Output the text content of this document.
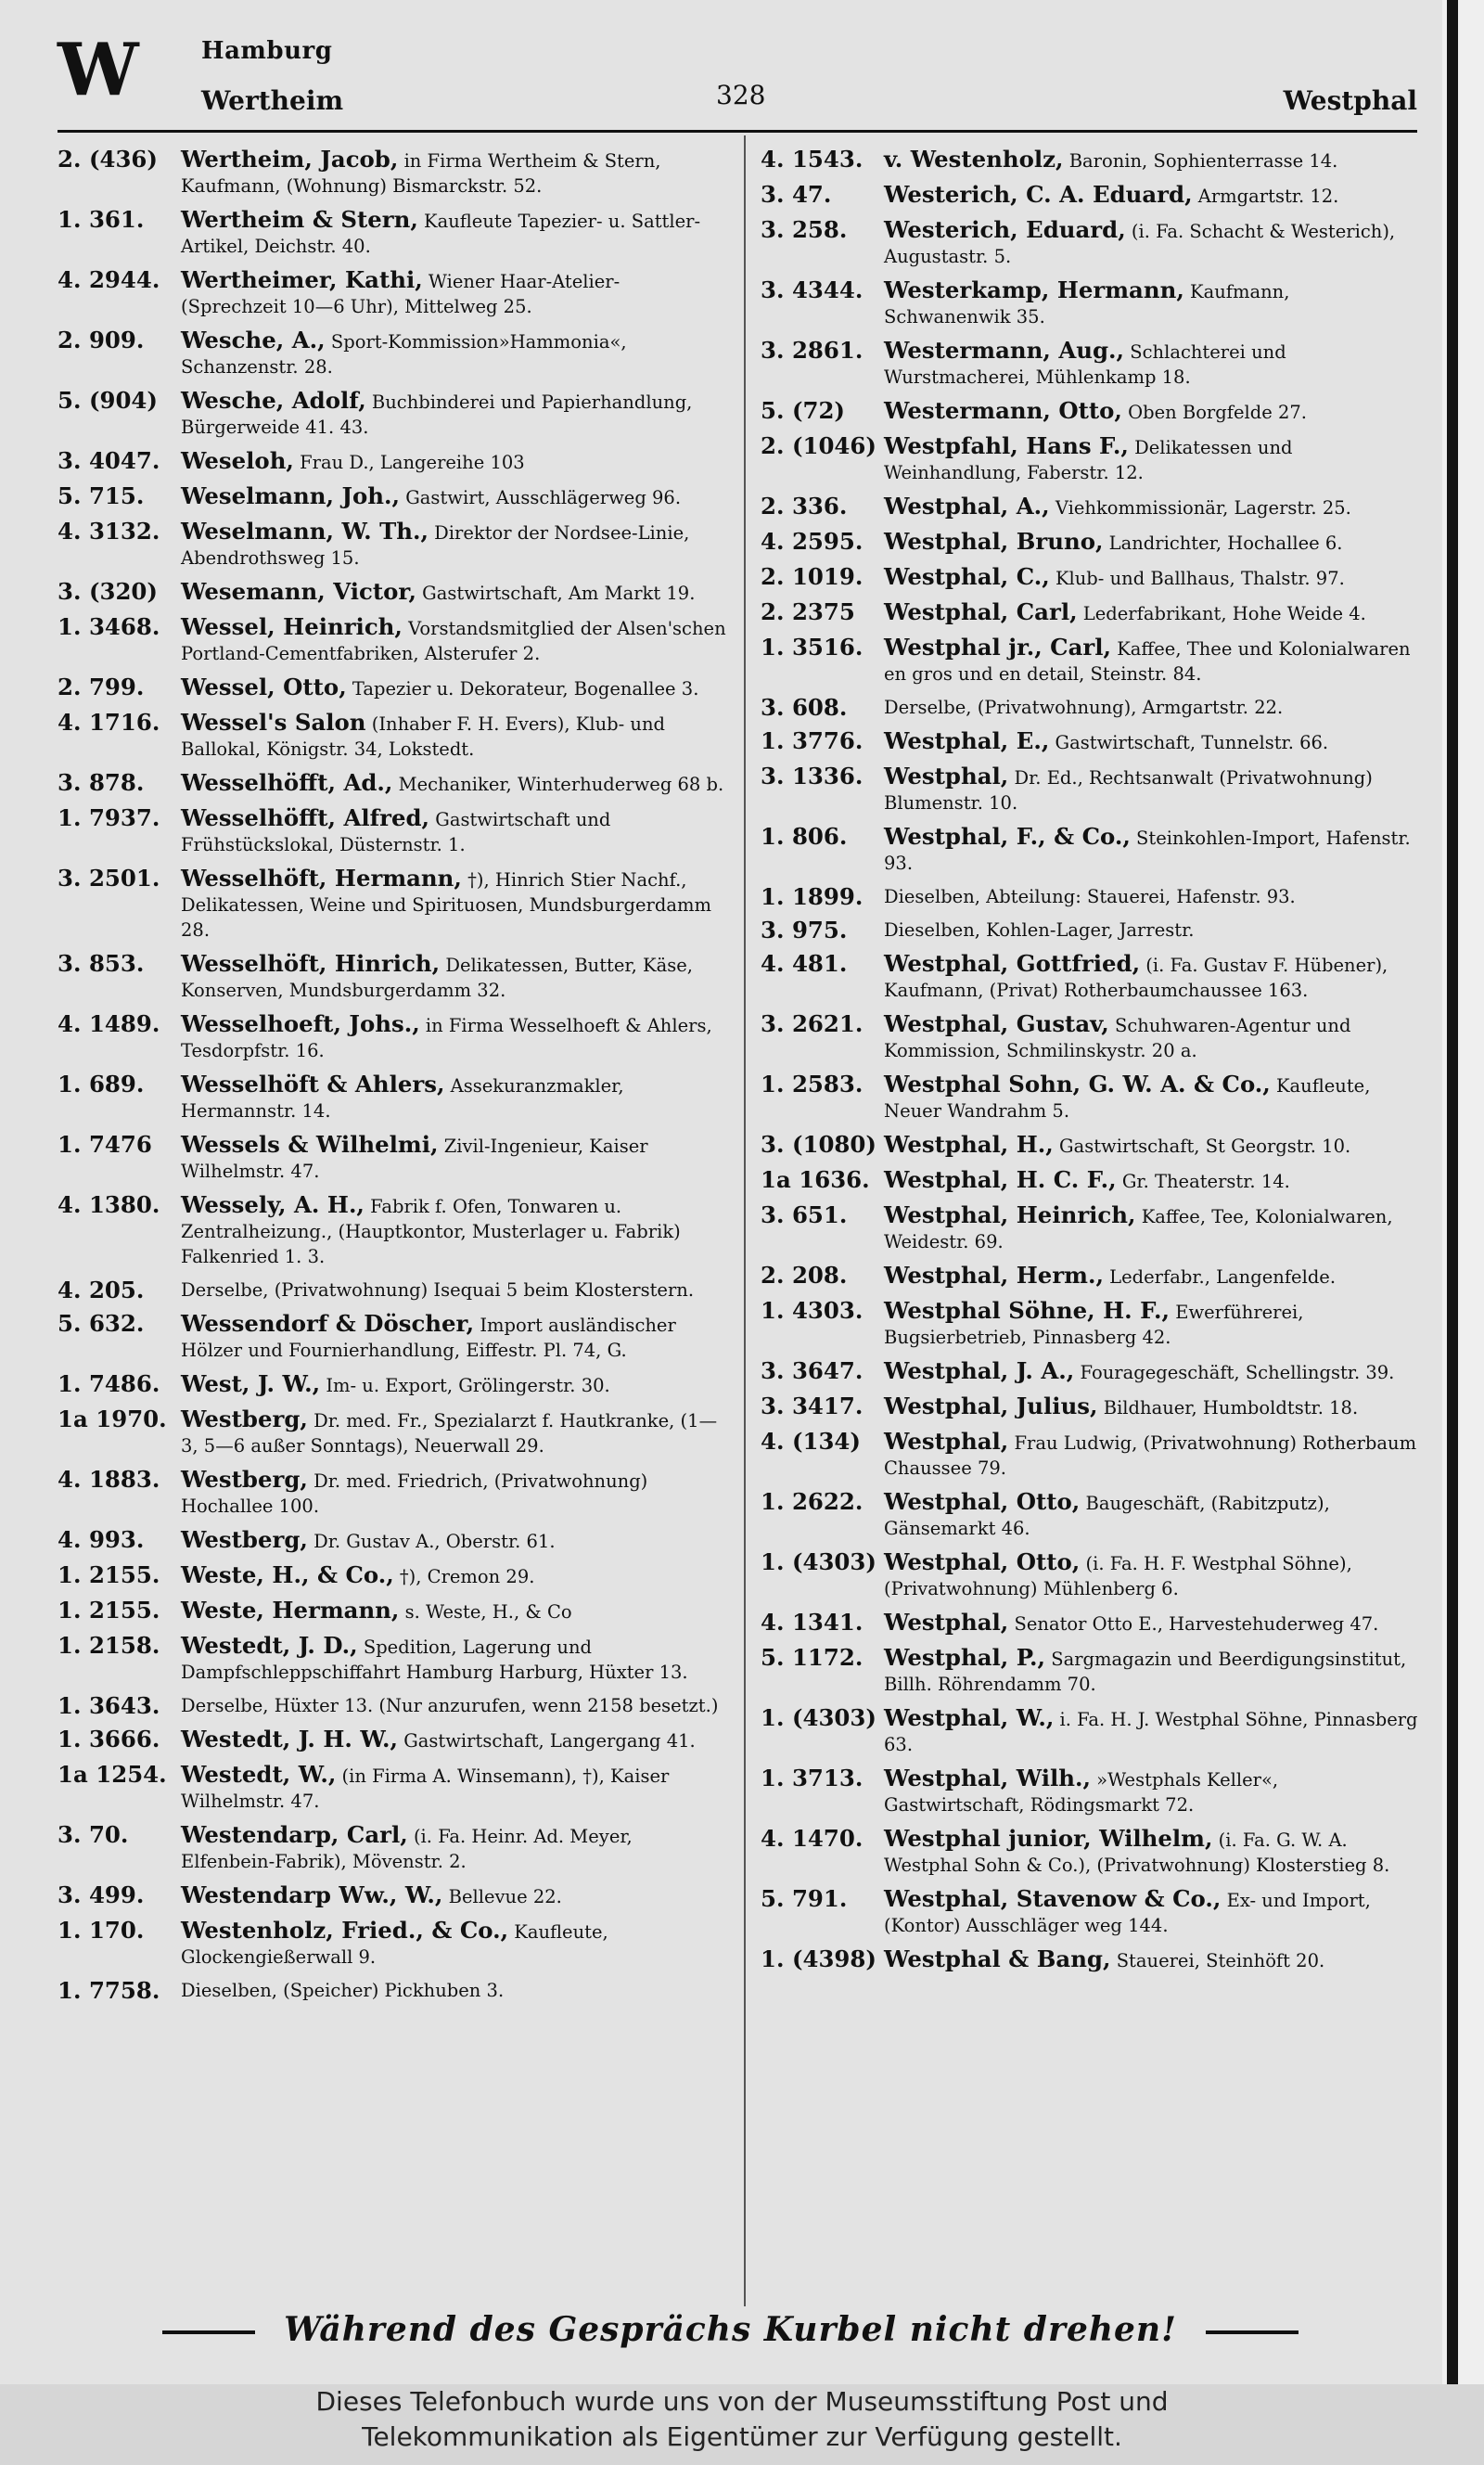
W	Hamburg
Wertheim	328	Westphal
2. (436) Wertheim, Jacob, in Firma Wertheim & Stern, Kaufmann, (Wohnung) Bismarckstr. 52.
1. 361. Wertheim & Stern, Kaufleute Tapezier- u. Sattler-Artikel, Deichstr. 40.
4. 2944. Wertheimer, Kathi, Wiener Haar-Atelier- (Sprechzeit 10—6 Uhr), Mittelweg 25.
2. 909. Wesche, A., Sport-Kommission»Hammonia«, Schanzenstr. 28.
5. (904) Wesche, Adolf, Buchbinderei und Papierhandlung, Bürgerweide 41. 43.
3. 4047. Weseloh, Frau D., Langereihe 103
5. 715. Weselmann, Joh., Gastwirt, Ausschlägerweg 96.
4. 3132. Weselmann, W. Th., Direktor der Nordsee-Linie, Abendrothsweg 15.
3. (320) Wesemann, Victor, Gastwirtschaft, Am Markt 19.
1. 3468. Wessel, Heinrich, Vorstandsmitglied der Alsen'schen Portland-Cementfabriken, Alsterufer 2.
2. 799. Wessel, Otto, Tapezier u. Dekorateur, Bogenallee 3.
4. 1716. Wessel's Salon (Inhaber F. H. Evers), Klub- und Ballokal, Königstr. 34, Lokstedt.
3. 878. Wesselhöfft, Ad., Mechaniker, Winterhuderweg 68 b.
1. 7937. Wesselhöfft, Alfred, Gastwirtschaft und Frühstückslokal, Düsternstr. 1.
3. 2501. Wesselhöft, Hermann, †), Hinrich Stier Nachf., Delikatessen, Weine und Spirituosen, Mundsburgerdamm 28.
3. 853. Wesselhöft, Hinrich, Delikatessen, Butter, Käse, Konserven, Mundsburgerdamm 32.
4. 1489. Wesselhoeft, Johs., in Firma Wesselhoeft & Ahlers, Tesdorpfstr. 16.
1. 689. Wesselhöft & Ahlers, Assekuranzmakler, Hermannstr. 14.
1. 7476 Wessels & Wilhelmi, Zivil-Ingenieur, Kaiser Wilhelmstr. 47.
4. 1380. Wessely, A. H., Fabrik f. Ofen, Tonwaren u. Zentralheizung., (Hauptkontor, Musterlager u. Fabrik) Falkenried 1. 3.
4. 205. Derselbe, (Privatwohnung) Isequai 5 beim Klosterstern.
5. 632. Wessendorf & Döscher, Import ausländischer Hölzer und Fournierhandlung, Eiffestr. Pl. 74, G.
1. 7486. West, J. W., Im- u. Export, Grölingerstr. 30.
1a 1970. Westberg, Dr. med. Fr., Spezialarzt f. Hautkranke, (1—3, 5—6 außer Sonntags), Neuerwall 29.
4. 1883. Westberg, Dr. med. Friedrich, (Privatwohnung) Hochallee 100.
4. 993. Westberg, Dr. Gustav A., Oberstr. 61.
1. 2155. Weste, H., & Co., †), Cremon 29.
1. 2155. Weste, Hermann, s. Weste, H., & Co
1. 2158. Westedt, J. D., Spedition, Lagerung und Dampfschleppschiffahrt Hamburg Harburg, Hüxter 13.
1. 3643. Derselbe, Hüxter 13. (Nur anzurufen, wenn 2158 besetzt.)
1. 3666. Westedt, J. H. W., Gastwirtschaft, Langergang 41.
1a 1254. Westedt, W., (in Firma A. Winsemann), †), Kaiser Wilhelmstr. 47.
3. 70. Westendarp, Carl, (i. Fa. Heinr. Ad. Meyer, Elfenbein-Fabrik), Mövenstr. 2.
3. 499. Westendarp Ww., W., Bellevue 22.
1. 170. Westenholz, Fried., & Co., Kaufleute, Glockengießerwall 9.
1. 7758. Dieselben, (Speicher) Pickhuben 3.
4. 1543. v. Westenholz, Baronin, Sophienterrasse 14.
3. 47. Westerich, C. A. Eduard, Armgartstr. 12.
3. 258. Westerich, Eduard, (i. Fa. Schacht & Westerich), Augustastr. 5.
3. 4344. Westerkamp, Hermann, Kaufmann, Schwanenwik 35.
3. 2861. Westermann, Aug., Schlachterei und Wurstmacherei, Mühlenkamp 18.
5. (72) Westermann, Otto, Oben Borgfelde 27.
2. (1046) Westpfahl, Hans F., Delikatessen und Weinhandlung, Faberstr. 12.
2. 336. Westphal, A., Viehkommissionär, Lagerstr. 25.
4. 2595. Westphal, Bruno, Landrichter, Hochallee 6.
2. 1019. Westphal, C., Klub- und Ballhaus, Thalstr. 97.
2. 2375 Westphal, Carl, Lederfabrikant, Hohe Weide 4.
1. 3516. Westphal jr., Carl, Kaffee, Thee und Kolonialwaren en gros und en detail, Steinstr. 84.
3. 608. Derselbe, (Privatwohnung), Armgartstr. 22.
1. 3776. Westphal, E., Gastwirtschaft, Tunnelstr. 66.
3. 1336. Westphal, Dr. Ed., Rechtsanwalt (Privatwohnung) Blumenstr. 10.
1. 806. Westphal, F., & Co., Steinkohlen-Import, Hafenstr. 93.
1. 1899. Dieselben, Abteilung: Stauerei, Hafenstr. 93.
3. 975. Dieselben, Kohlen-Lager, Jarrestr.
4. 481. Westphal, Gottfried, (i. Fa. Gustav F. Hübener), Kaufmann, (Privat) Rotherbaumchaussee 163.
3. 2621. Westphal, Gustav, Schuhwaren-Agentur und Kommission, Schmilinskystr. 20 a.
1. 2583. Westphal Sohn, G. W. A. & Co., Kaufleute, Neuer Wandrahm 5.
3. (1080) Westphal, H., Gastwirtschaft, St Georgstr. 10.
1a 1636. Westphal, H. C. F., Gr. Theaterstr. 14.
3. 651. Westphal, Heinrich, Kaffee, Tee, Kolonialwaren, Weidestr. 69.
2. 208. Westphal, Herm., Lederfabr., Langenfelde.
1. 4303. Westphal Söhne, H. F., Ewerführerei, Bugsierbetrieb, Pinnasberg 42.
3. 3647. Westphal, J. A., Fouragegeschäft, Schellingstr. 39.
3. 3417. Westphal, Julius, Bildhauer, Humboldtstr. 18.
4. (134) Westphal, Frau Ludwig, (Privatwohnung) Rotherbaum Chaussee 79.
1. 2622. Westphal, Otto, Baugeschäft, (Rabitzputz), Gänsemarkt 46.
1. (4303) Westphal, Otto, (i. Fa. H. F. Westphal Söhne), (Privatwohnung) Mühlenberg 6.
4. 1341. Westphal, Senator Otto E., Harvestehuderweg 47.
5. 1172. Westphal, P., Sargmagazin und Beerdigungsinstitut, Billh. Röhrendamm 70.
1. (4303) Westphal, W., i. Fa. H. J. Westphal Söhne, Pinnasberg 63.
1. 3713. Westphal, Wilh., »Westphals Keller«, Gastwirtschaft, Rödingsmarkt 72.
4. 1470. Westphal junior, Wilhelm, (i. Fa. G. W. A. Westphal Sohn & Co.), (Privatwohnung) Klosterstieg 8.
5. 791. Westphal, Stavenow & Co., Ex- und Import, (Kontor) Ausschläger weg 144.
1. (4398) Westphal & Bang, Stauerei, Steinhöft 20.
Während des Gesprächs Kurbel nicht drehen!
Dieses Telefonbuch wurde uns von der Museumsstiftung Post und
Telekommunikation als Eigentümer zur Verfügung gestellt.
